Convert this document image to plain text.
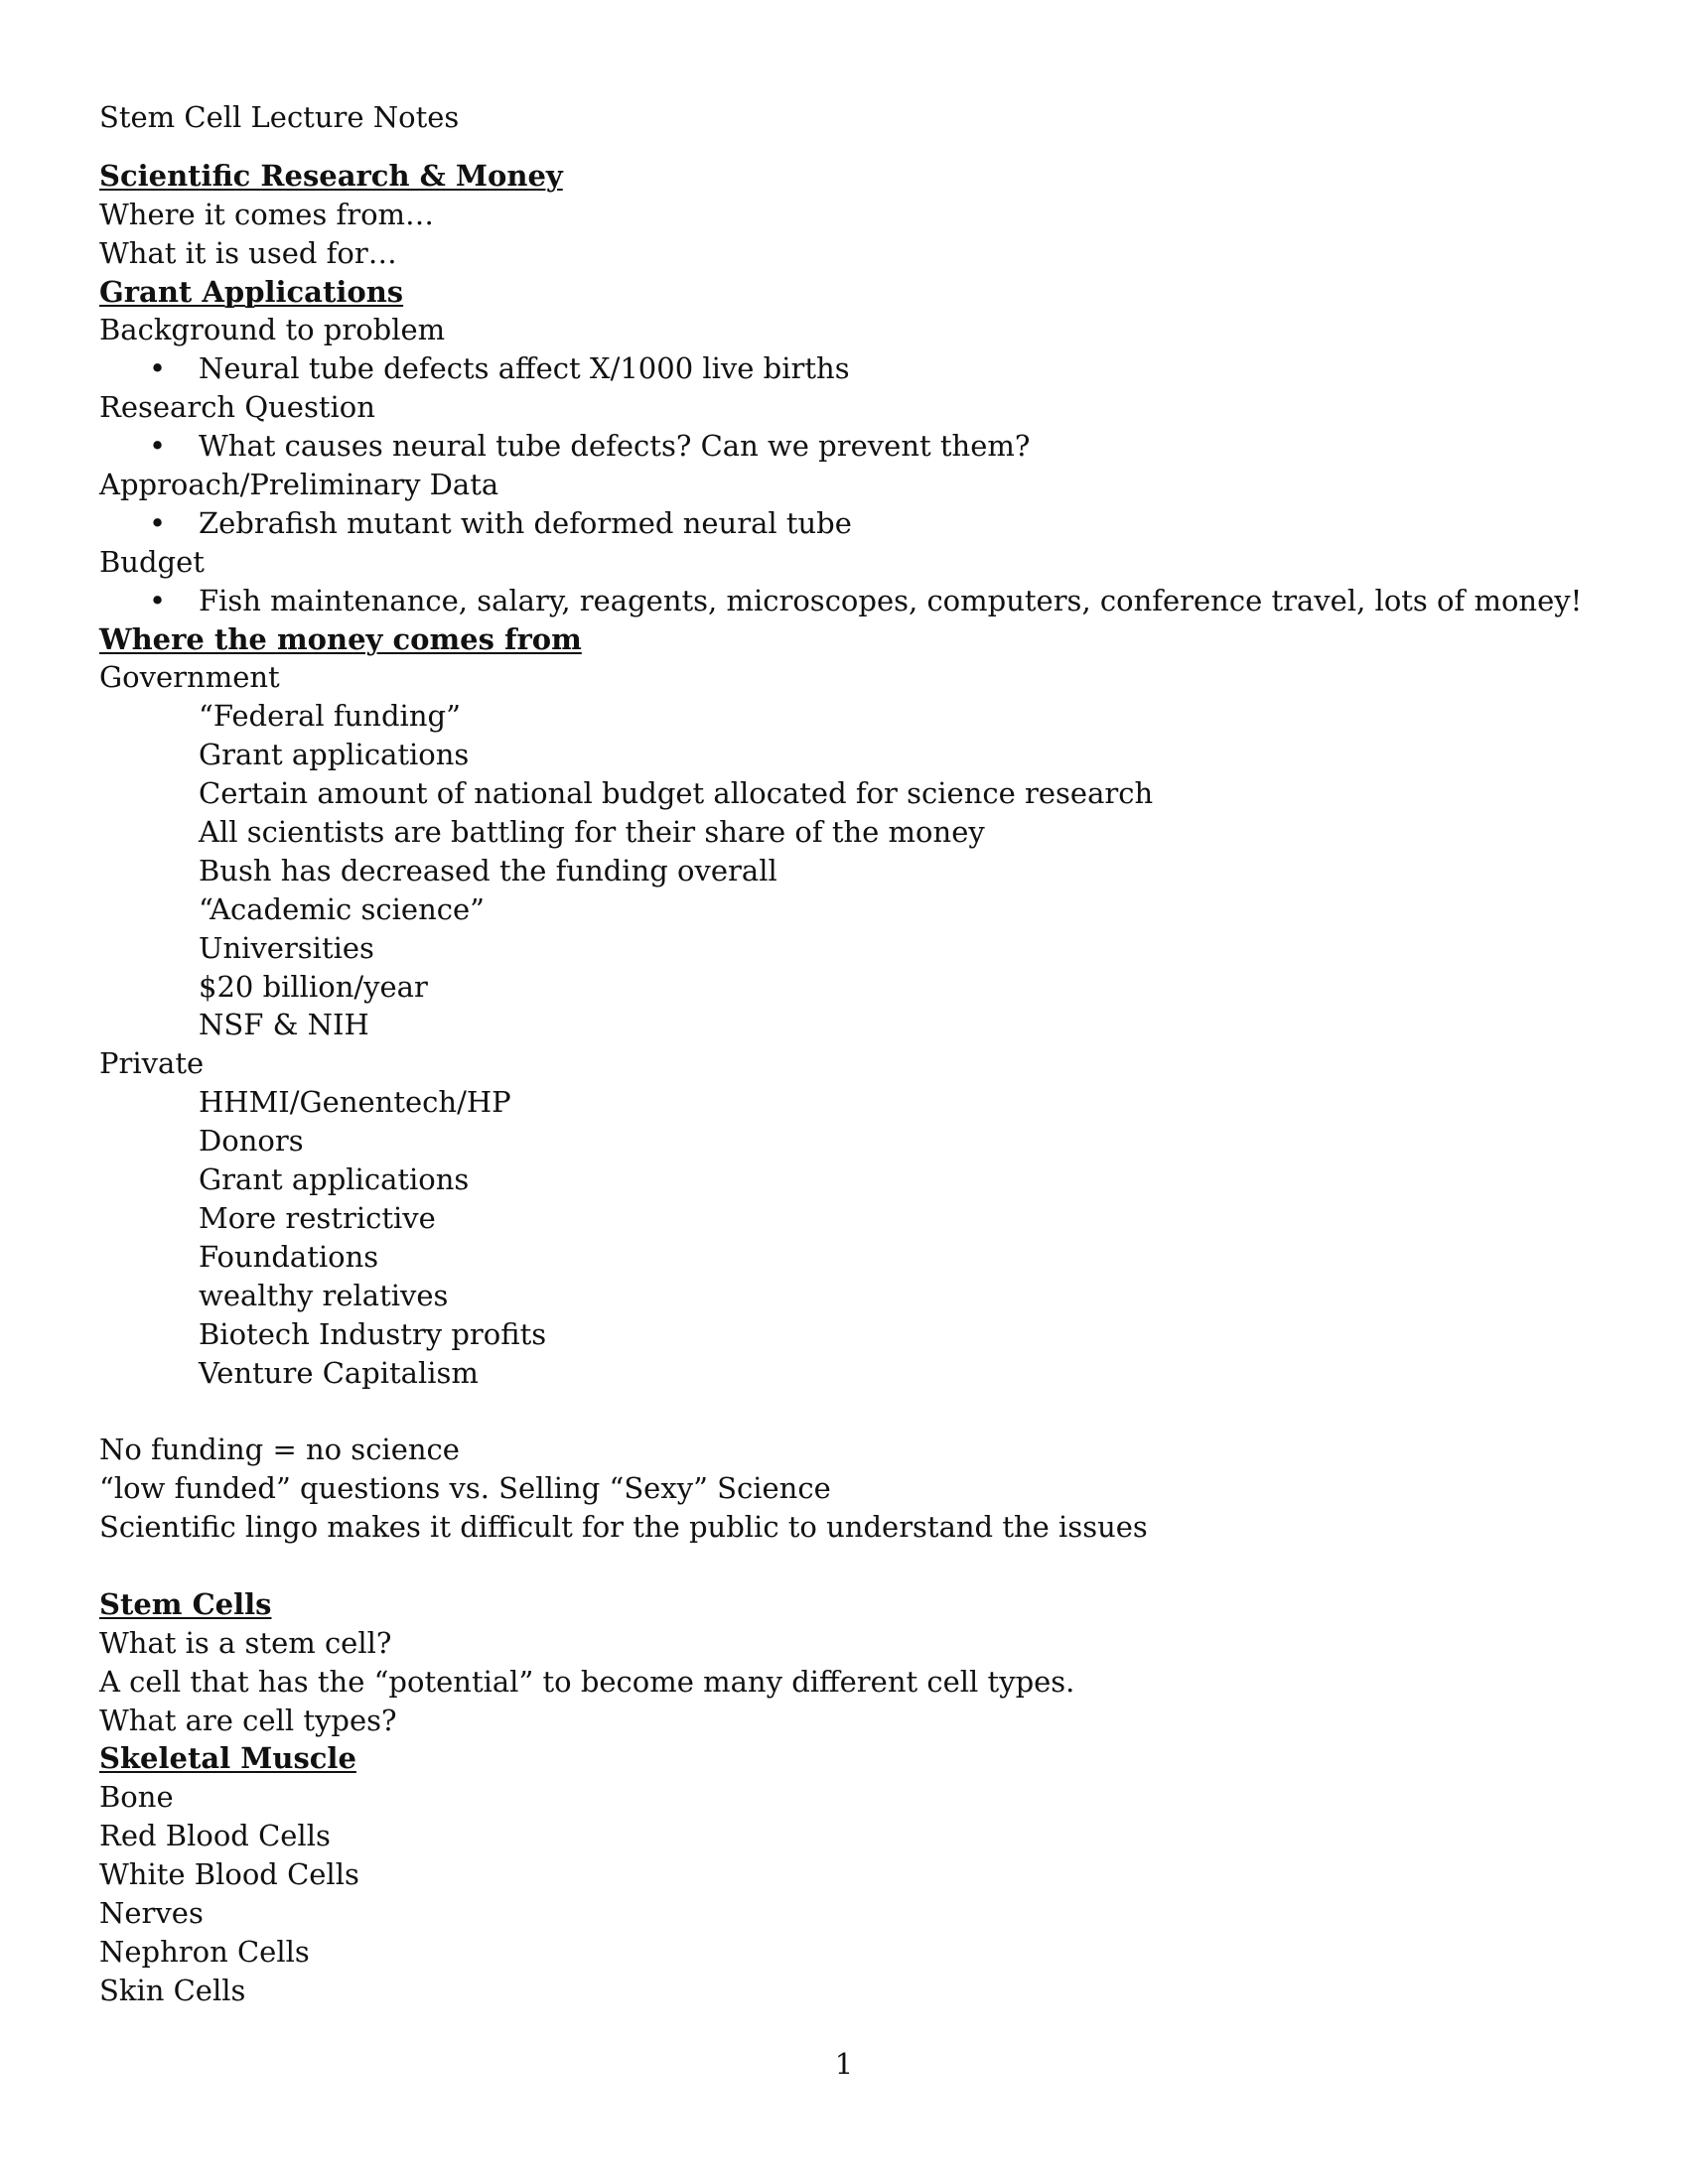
Stem Cell Lecture Notes
Scientific Research & Money
Where it comes from…
What it is used for…
Grant Applications
Background to problem
• Neural tube defects affect X/1000 live births
Research Question
• What causes neural tube defects? Can we prevent them?
Approach/Preliminary Data
• Zebrafish mutant with deformed neural tube
Budget
• Fish maintenance, salary, reagents, microscopes, computers, conference travel, lots of money!
Where the money comes from
Government
“Federal funding”
Grant applications
Certain amount of national budget allocated for science research
All scientists are battling for their share of the money
Bush has decreased the funding overall
“Academic science”
Universities
$20 billion/year
NSF & NIH
Private
HHMI/Genentech/HP
Donors
Grant applications
More restrictive
Foundations
wealthy relatives
Biotech Industry profits
Venture Capitalism
No funding = no science
“low funded” questions vs. Selling “Sexy” Science
Scientific lingo makes it difficult for the public to understand the issues
Stem Cells
What is a stem cell?
A cell that has the “potential” to become many different cell types.
What are cell types?
Skeletal Muscle
Bone
Red Blood Cells
White Blood Cells
Nerves
Nephron Cells
Skin Cells
1
